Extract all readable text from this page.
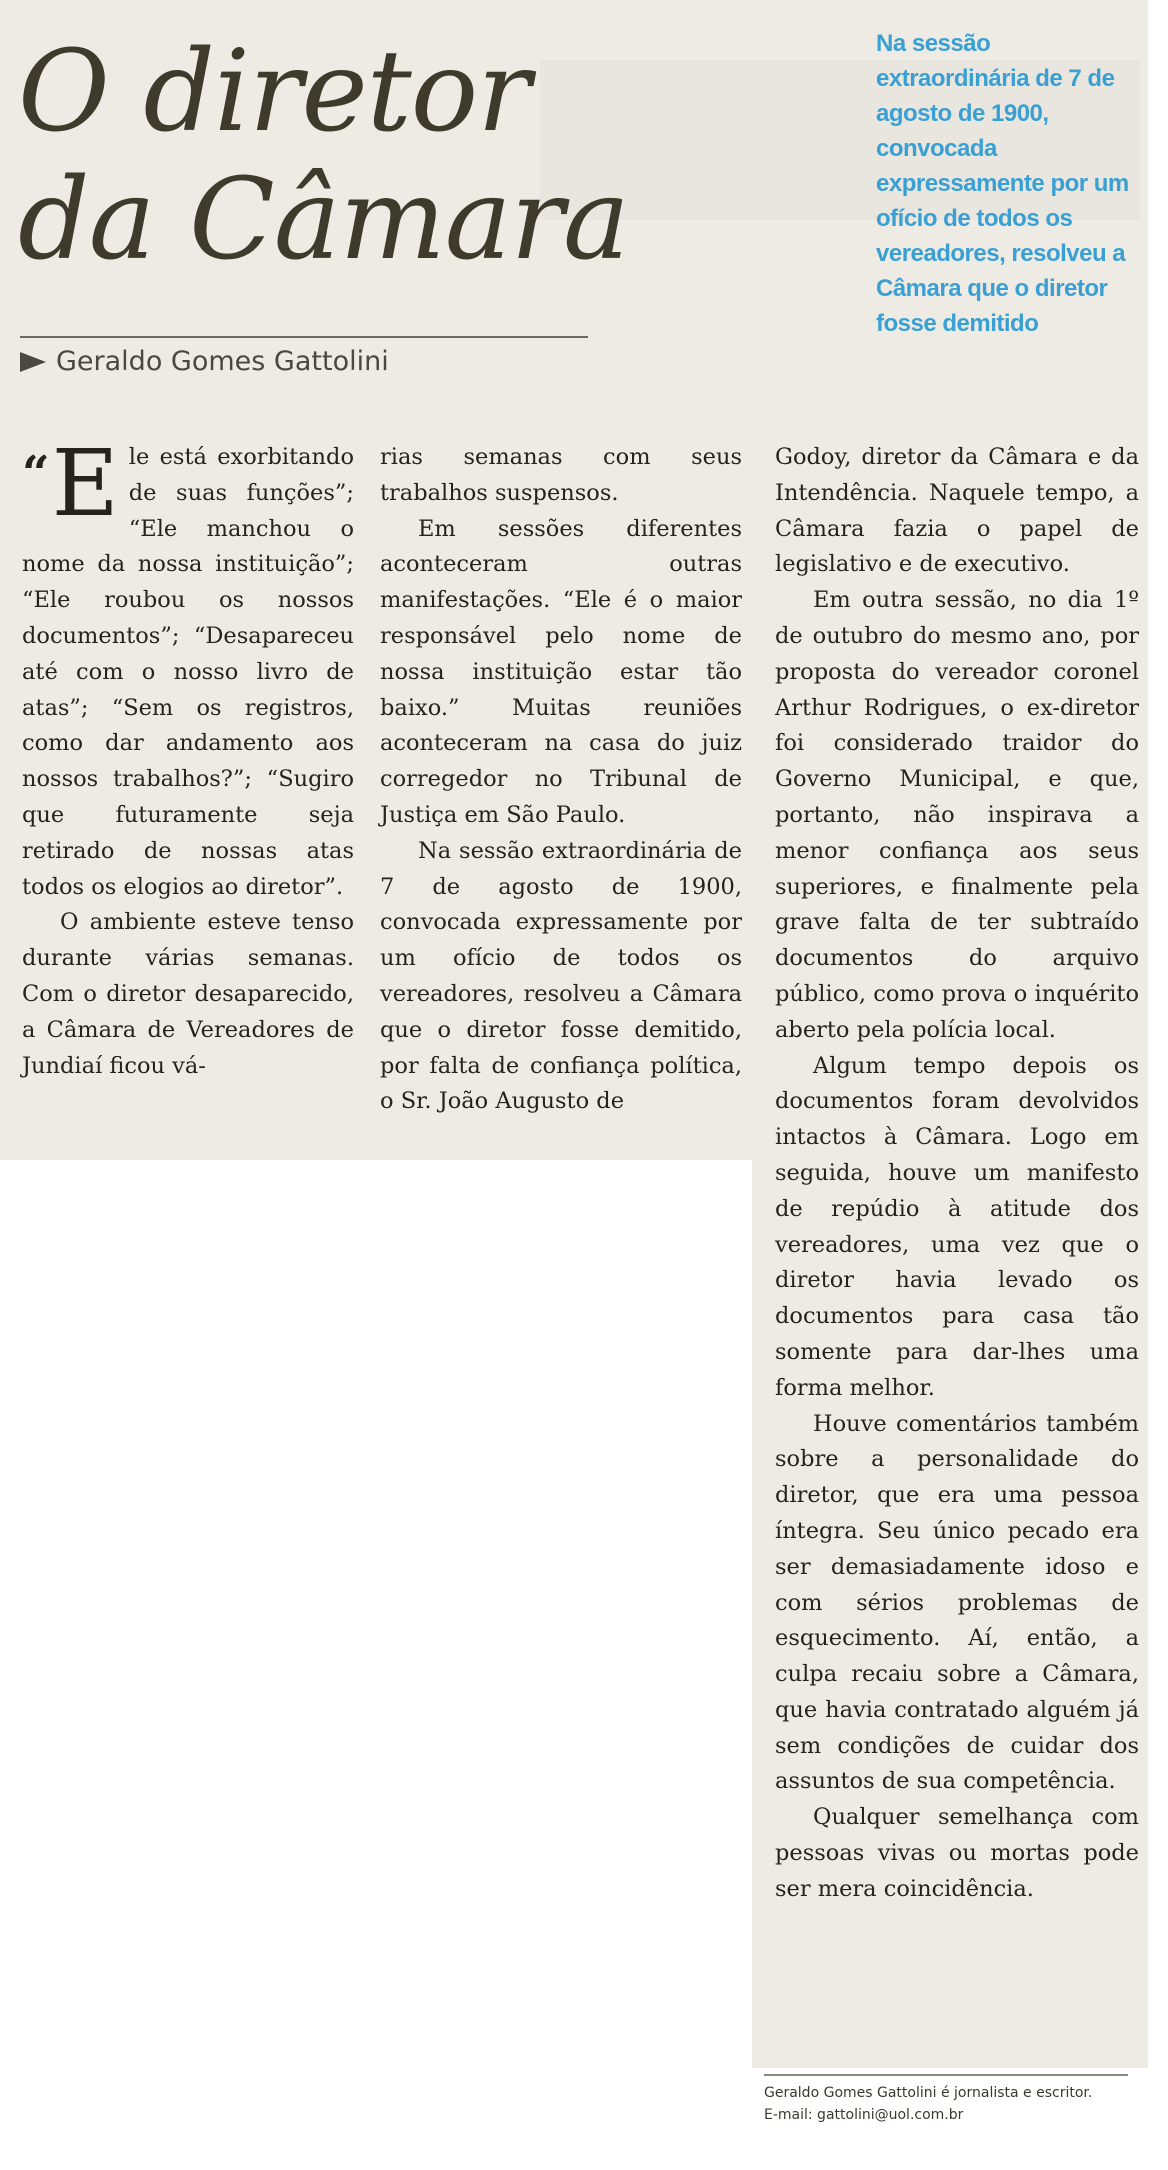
O diretor da Câmara
Geraldo Gomes Gattolini

Na sessão extraordinária de 7 de agosto de 1900, convocada expressamente por um ofício de todos os vereadores, resolveu a Câmara que o diretor fosse demitido

“ E le está exorbitando de suas funções”; “Ele manchou o nome da nossa instituição”; “Ele roubou os nossos documentos”; “Desapareceu até com o nosso livro de atas”; “Sem os registros, como dar andamento aos nossos trabalhos?”; “Sugiro que futuramente seja retirado de nossas atas todos os elogios ao diretor”.

O ambiente esteve tenso durante várias semanas. Com o diretor desaparecido, a Câmara de Vereadores de Jundiaí ficou vá-

rias semanas com seus trabalhos suspensos.

Em sessões diferentes aconteceram outras manifestações. “Ele é o maior responsável pelo nome de nossa instituição estar tão baixo.” Muitas reuniões aconteceram na casa do juiz corregedor no Tribunal de Justiça em São Paulo.

Na sessão extraordinária de 7 de agosto de 1900, convocada expressamente por um ofício de todos os vereadores, resolveu a Câmara que o diretor fosse demitido, por falta de confiança política, o Sr. João Augusto de

Godoy, diretor da Câmara e da Intendência. Naquele tempo, a Câmara fazia o papel de legislativo e de executivo.

Em outra sessão, no dia 1º de outubro do mesmo ano, por proposta do vereador coronel Arthur Rodrigues, o ex-diretor foi considerado traidor do Governo Municipal, e que, portanto, não inspirava a menor confiança aos seus superiores, e finalmente pela grave falta de ter subtraído documentos do arquivo público, como prova o inquérito aberto pela polícia local.

Algum tempo depois os documentos foram devolvidos intactos à Câmara. Logo em seguida, houve um manifesto de repúdio à atitude dos vereadores, uma vez que o diretor havia levado os documentos para casa tão somente para dar-lhes uma forma melhor.

Houve comentários também sobre a personalidade do diretor, que era uma pessoa íntegra. Seu único pecado era ser demasiadamente idoso e com sérios problemas de esquecimento. Aí, então, a culpa recaiu sobre a Câmara, que havia contratado alguém já sem condições de cuidar dos assuntos de sua competência.

Qualquer semelhança com pessoas vivas ou mortas pode ser mera coincidência.

Geraldo Gomes Gattolini é jornalista e escritor.
E-mail: gattolini@uol.com.br
